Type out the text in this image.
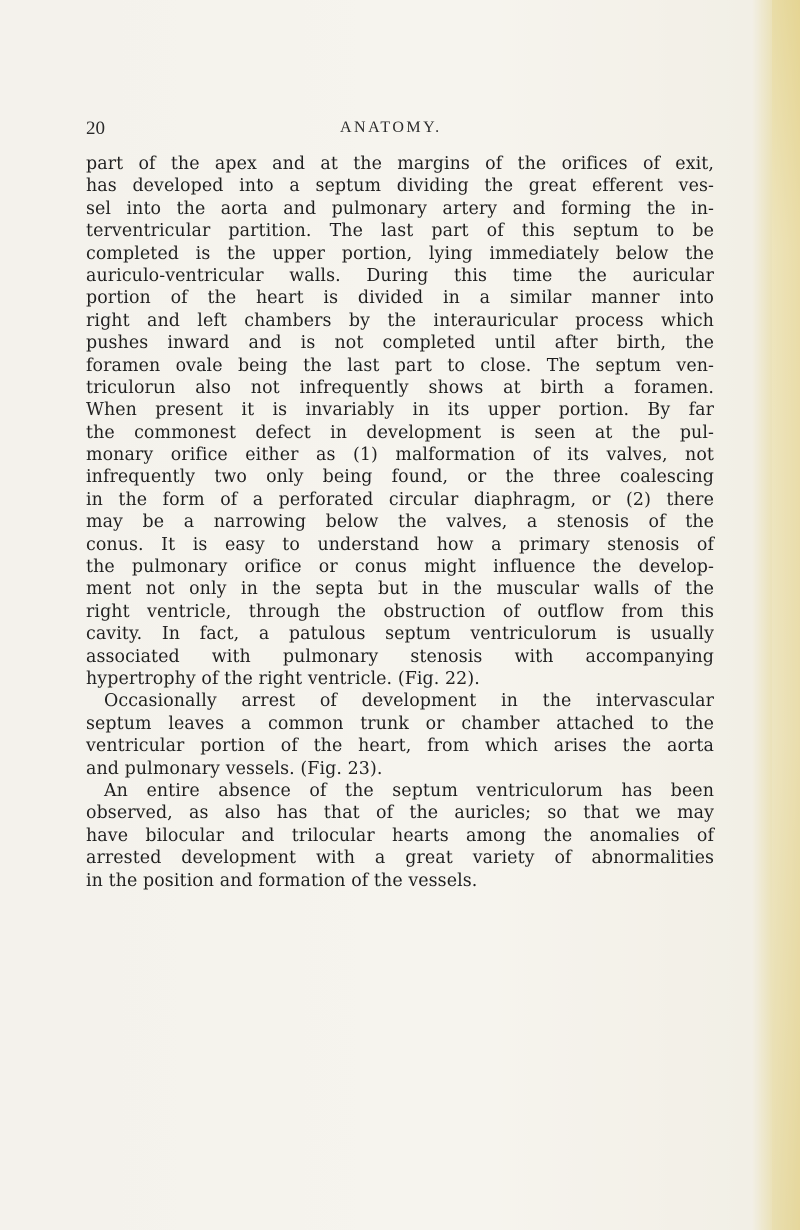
20	ANATOMY.
part of the apex and at the margins of the orifices of exit,
has developed into a septum dividing the great efferent ves-
sel into the aorta and pulmonary artery and forming the in-
terventricular partition. The last part of this septum to be
completed is the upper portion, lying immediately below the
auriculo-ventricular walls. During this time the auricular
portion of the heart is divided in a similar manner into
right and left chambers by the interauricular process which
pushes inward and is not completed until after birth, the
foramen ovale being the last part to close. The septum ven-
triculorun also not infrequently shows at birth a foramen.
When present it is invariably in its upper portion. By far
the commonest defect in development is seen at the pul-
monary orifice either as (1) malformation of its valves, not
infrequently two only being found, or the three coalescing
in the form of a perforated circular diaphragm, or (2) there
may be a narrowing below the valves, a stenosis of the
conus. It is easy to understand how a primary stenosis of
the pulmonary orifice or conus might influence the develop-
ment not only in the septa but in the muscular walls of the
right ventricle, through the obstruction of outflow from this
cavity. In fact, a patulous septum ventriculorum is usually
associated with pulmonary stenosis with accompanying
hypertrophy of the right ventricle. (Fig. 22).
Occasionally arrest of development in the intervascular
septum leaves a common trunk or chamber attached to the
ventricular portion of the heart, from which arises the aorta
and pulmonary vessels. (Fig. 23).
An entire absence of the septum ventriculorum has been
observed, as also has that of the auricles; so that we may
have bilocular and trilocular hearts among the anomalies of
arrested development with a great variety of abnormalities
in the position and formation of the vessels.
